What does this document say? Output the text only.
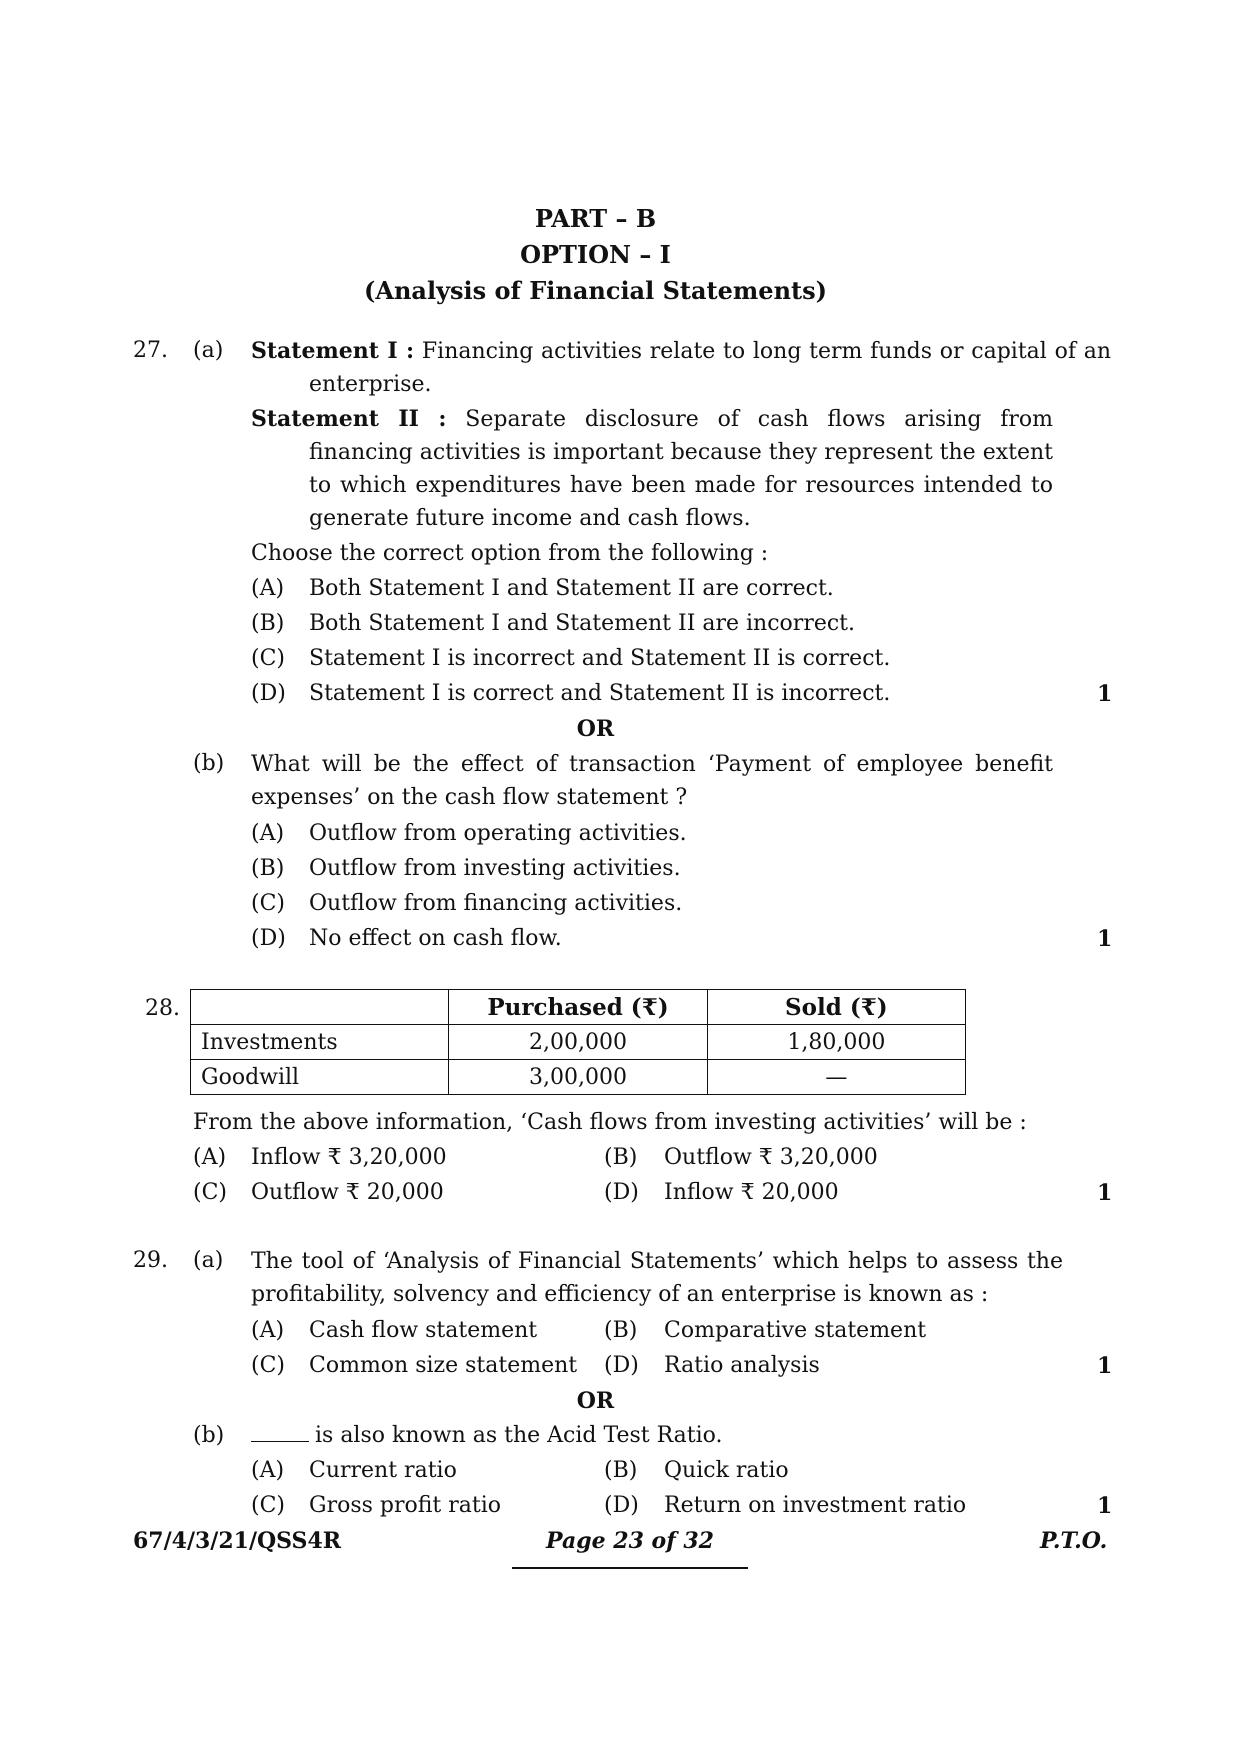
PART – B
OPTION – I
(Analysis of Financial Statements)
27. (a) Statement I : Financing activities relate to long term funds or capital of an enterprise.
Statement II : Separate disclosure of cash flows arising from financing activities is important because they represent the extent to which expenditures have been made for resources intended to generate future income and cash flows.
Choose the correct option from the following :
(A) Both Statement I and Statement II are correct.
(B) Both Statement I and Statement II are incorrect.
(C) Statement I is incorrect and Statement II is correct.
(D) Statement I is correct and Statement II is incorrect.	1
OR
(b) What will be the effect of transaction ‘Payment of employee benefit expenses’ on the cash flow statement ?
(A) Outflow from operating activities.
(B) Outflow from investing activities.
(C) Outflow from financing activities.
(D) No effect on cash flow.	1
28.
		Purchased (₹)	Sold (₹)
Investments	2,00,000	1,80,000
Goodwill	3,00,000	—
From the above information, ‘Cash flows from investing activities’ will be :
(A) Inflow ₹ 3,20,000	(B) Outflow ₹ 3,20,000
(C) Outflow ₹ 20,000	(D) Inflow ₹ 20,000	1
29. (a) The tool of ‘Analysis of Financial Statements’ which helps to assess the profitability, solvency and efficiency of an enterprise is known as :
(A) Cash flow statement	(B) Comparative statement
(C) Common size statement (D) Ratio analysis	1
OR
(b)	is also known as the Acid Test Ratio.
(A) Current ratio	(B) Quick ratio
(C) Gross profit ratio	(D) Return on investment ratio	1
67/4/3/21/QSS4R	Page 23 of 32	P.T.O.
